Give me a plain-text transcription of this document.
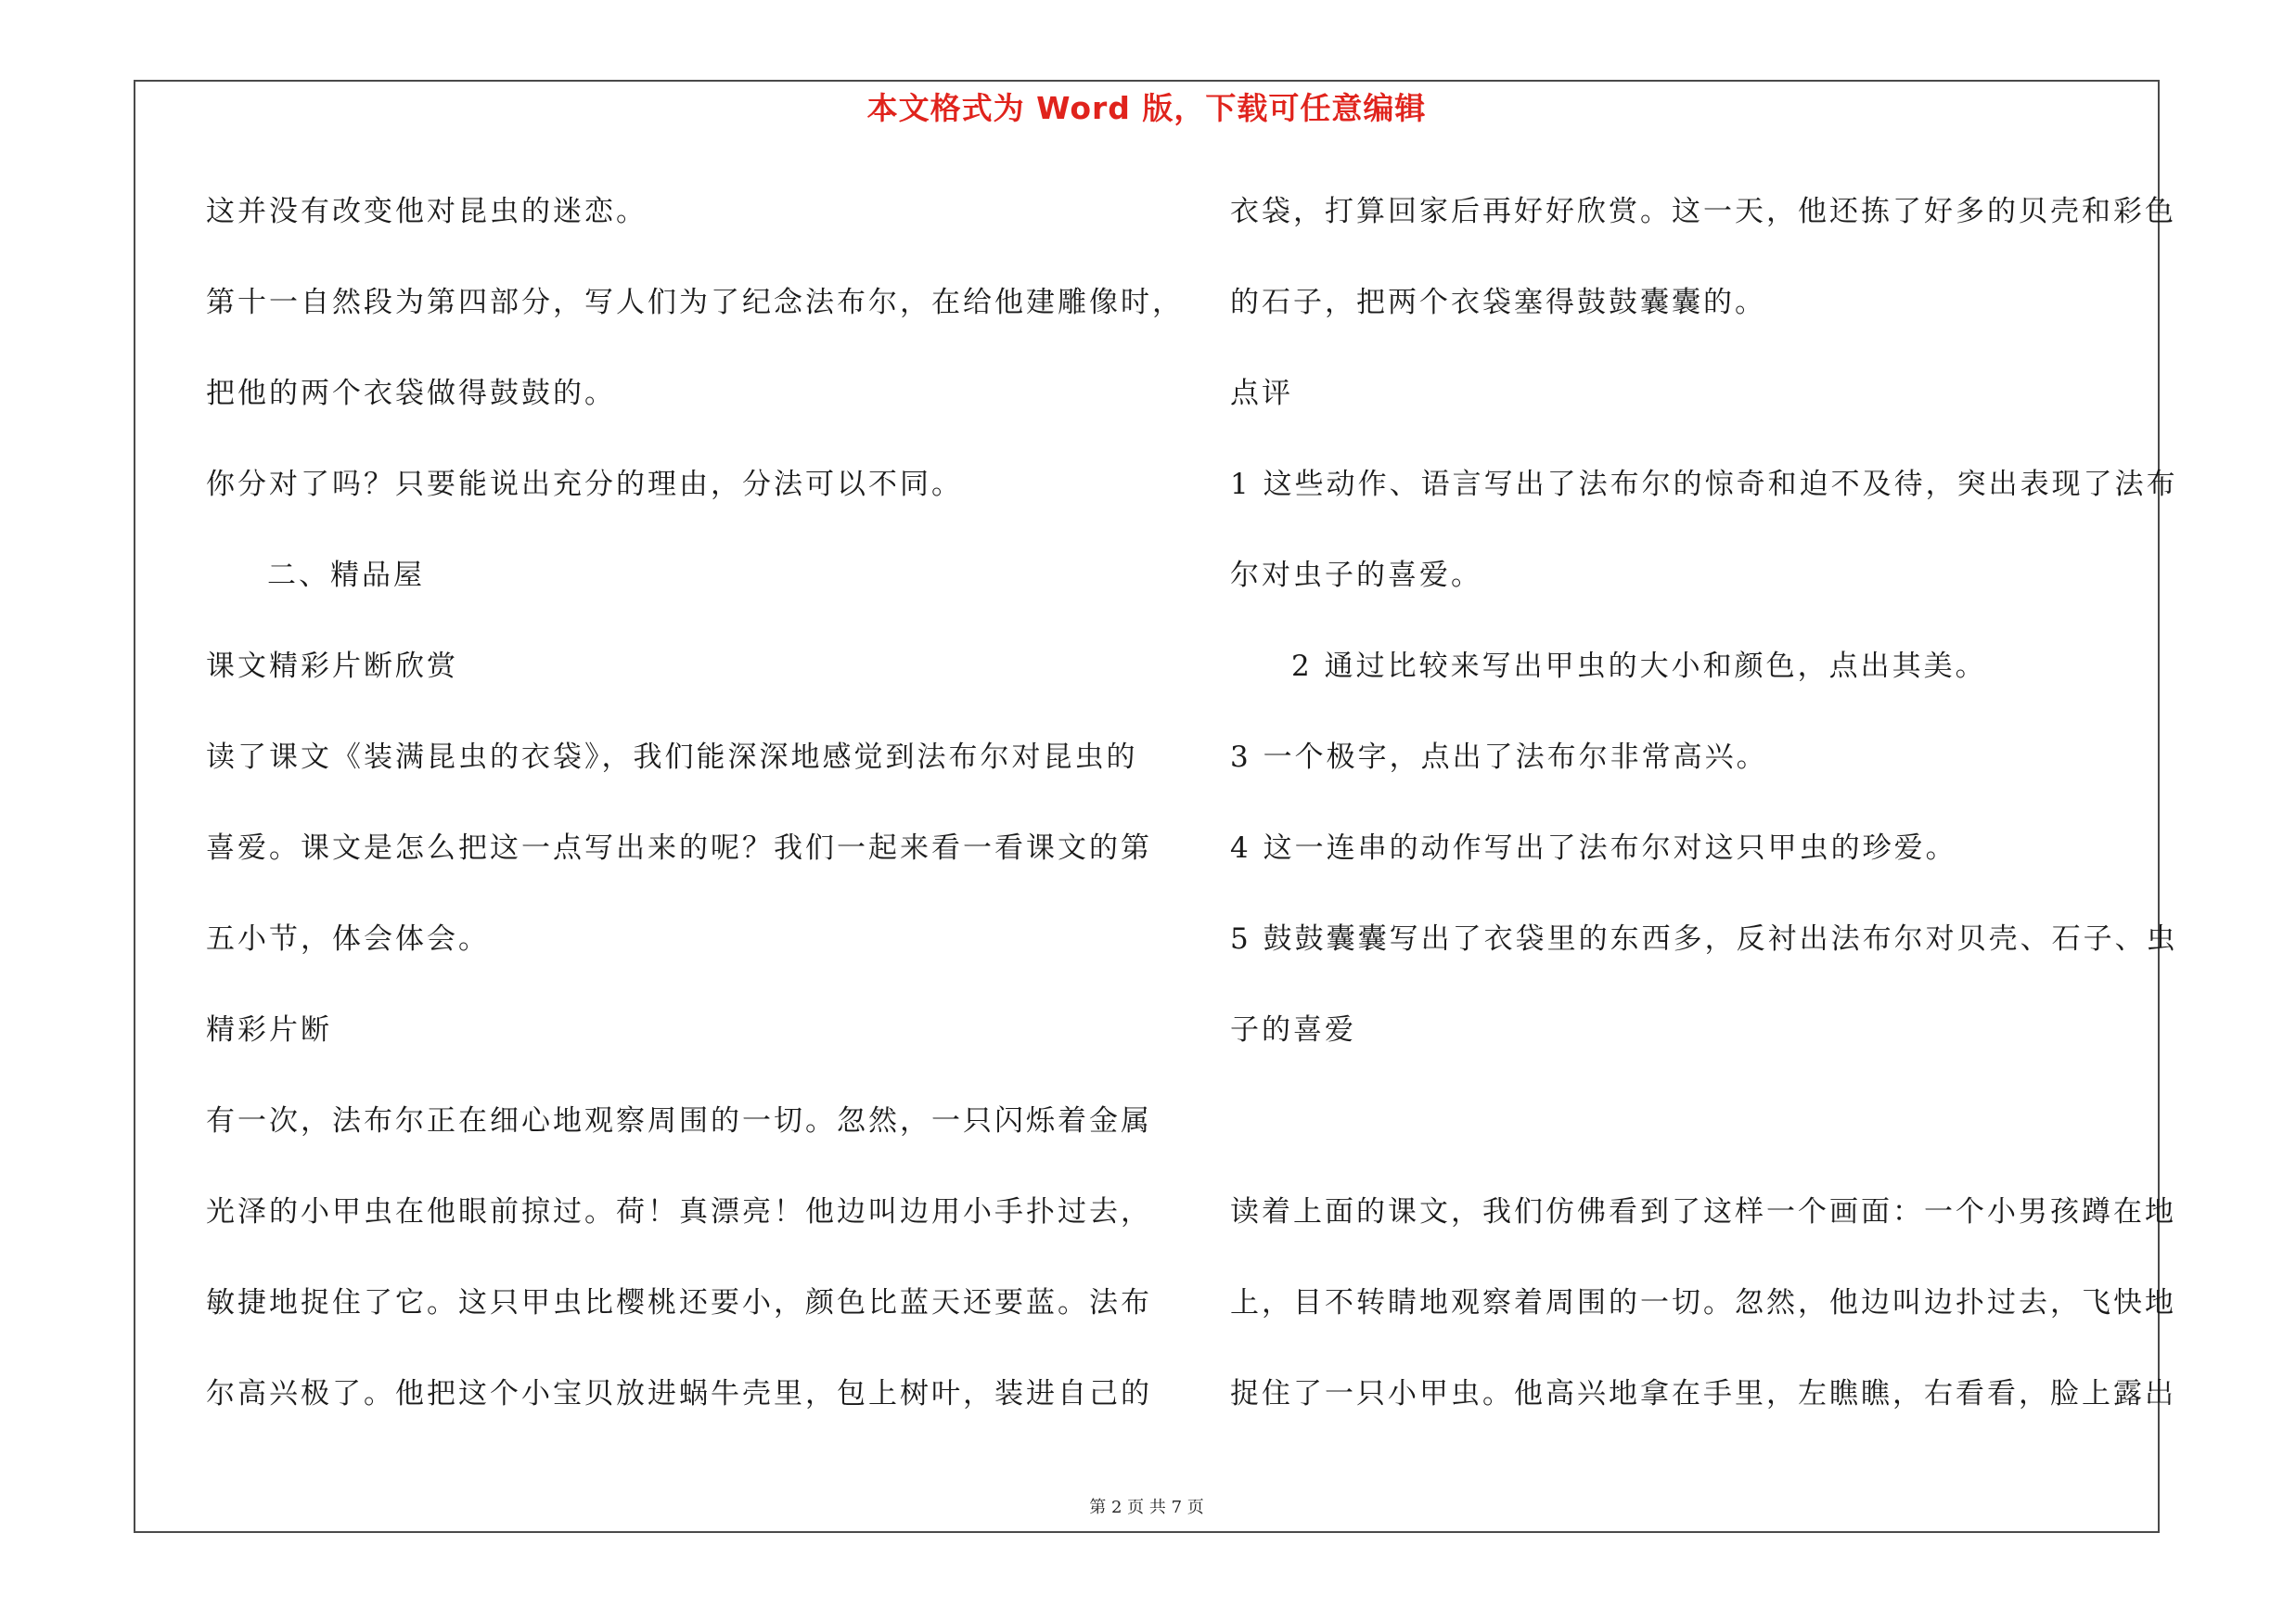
本文格式为 Word 版，下载可任意编辑
这并没有改变他对昆虫的迷恋。
第十一自然段为第四部分，写人们为了纪念法布尔，在给他建雕像时，
把他的两个衣袋做得鼓鼓的。
你分对了吗？只要能说出充分的理由，分法可以不同。
二、精品屋
课文精彩片断欣赏
读了课文《装满昆虫的衣袋》，我们能深深地感觉到法布尔对昆虫的
喜爱。课文是怎么把这一点写出来的呢？我们一起来看一看课文的第
五小节，体会体会。
精彩片断
有一次，法布尔正在细心地观察周围的一切。忽然，一只闪烁着金属
光泽的小甲虫在他眼前掠过。荷！真漂亮！他边叫边用小手扑过去，
敏捷地捉住了它。这只甲虫比樱桃还要小，颜色比蓝天还要蓝。法布
尔高兴极了。他把这个小宝贝放进蜗牛壳里，包上树叶，装进自己的
衣袋，打算回家后再好好欣赏。这一天，他还拣了好多的贝壳和彩色
的石子，把两个衣袋塞得鼓鼓囊囊的。
点评
1 这些动作、语言写出了法布尔的惊奇和迫不及待，突出表现了法布
尔对虫子的喜爱。
2 通过比较来写出甲虫的大小和颜色，点出其美。
3 一个极字，点出了法布尔非常高兴。
4 这一连串的动作写出了法布尔对这只甲虫的珍爱。
5 鼓鼓囊囊写出了衣袋里的东西多，反衬出法布尔对贝壳、石子、虫
子的喜爱
读着上面的课文，我们仿佛看到了这样一个画面：一个小男孩蹲在地
上，目不转睛地观察着周围的一切。忽然，他边叫边扑过去，飞快地
捉住了一只小甲虫。他高兴地拿在手里，左瞧瞧，右看看，脸上露出
第 2 页 共 7 页
